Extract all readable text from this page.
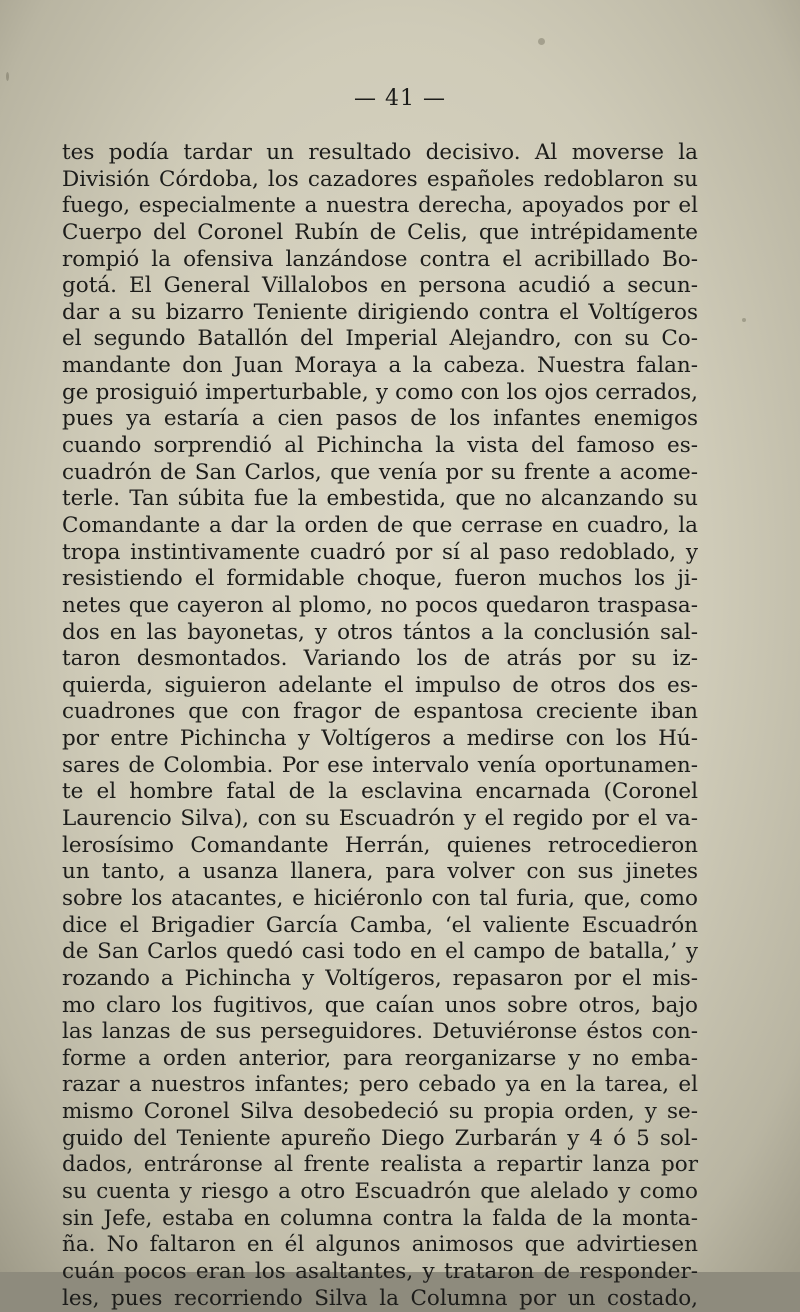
— 41 —
tes podía tardar un resultado decisivo. Al moverse la
División Córdoba, los cazadores españoles redoblaron su
fuego, especialmente a nuestra derecha, apoyados por el
Cuerpo del Coronel Rubín de Celis, que intrépidamente
rompió la ofensiva lanzándose contra el acribillado Bo-
gotá. El General Villalobos en persona acudió a secun-
dar a su bizarro Teniente dirigiendo contra el Voltígeros
el segundo Batallón del Imperial Alejandro, con su Co-
mandante don Juan Moraya a la cabeza. Nuestra falan-
ge prosiguió imperturbable, y como con los ojos cerrados,
pues ya estaría a cien pasos de los infantes enemigos
cuando sorprendió al Pichincha la vista del famoso es-
cuadrón de San Carlos, que venía por su frente a acome-
terle. Tan súbita fue la embestida, que no alcanzando su
Comandante a dar la orden de que cerrase en cuadro, la
tropa instintivamente cuadró por sí al paso redoblado, y
resistiendo el formidable choque, fueron muchos los ji-
netes que cayeron al plomo, no pocos quedaron traspasa-
dos en las bayonetas, y otros tántos a la conclusión sal-
taron desmontados. Variando los de atrás por su iz-
quierda, siguieron adelante el impulso de otros dos es-
cuadrones que con fragor de espantosa creciente iban
por entre Pichincha y Voltígeros a medirse con los Hú-
sares de Colombia. Por ese intervalo venía oportunamen-
te el hombre fatal de la esclavina encarnada (Coronel
Laurencio Silva), con su Escuadrón y el regido por el va-
lerosísimo Comandante Herrán, quienes retrocedieron
un tanto, a usanza llanera, para volver con sus jinetes
sobre los atacantes, e hiciéronlo con tal furia, que, como
dice el Brigadier García Camba, ‘el valiente Escuadrón
de San Carlos quedó casi todo en el campo de batalla,’ y
rozando a Pichincha y Voltígeros, repasaron por el mis-
mo claro los fugitivos, que caían unos sobre otros, bajo
las lanzas de sus perseguidores. Detuviéronse éstos con-
forme a orden anterior, para reorganizarse y no emba-
razar a nuestros infantes; pero cebado ya en la tarea, el
mismo Coronel Silva desobedeció su propia orden, y se-
guido del Teniente apureño Diego Zurbarán y 4 ó 5 sol-
dados, entráronse al frente realista a repartir lanza por
su cuenta y riesgo a otro Escuadrón que alelado y como
sin Jefe, estaba en columna contra la falda de la monta-
ña. No faltaron en él algunos animosos que advirtiesen
cuán pocos eran los asaltantes, y trataron de responder-
les, pues recorriendo Silva la Columna por un costado,
